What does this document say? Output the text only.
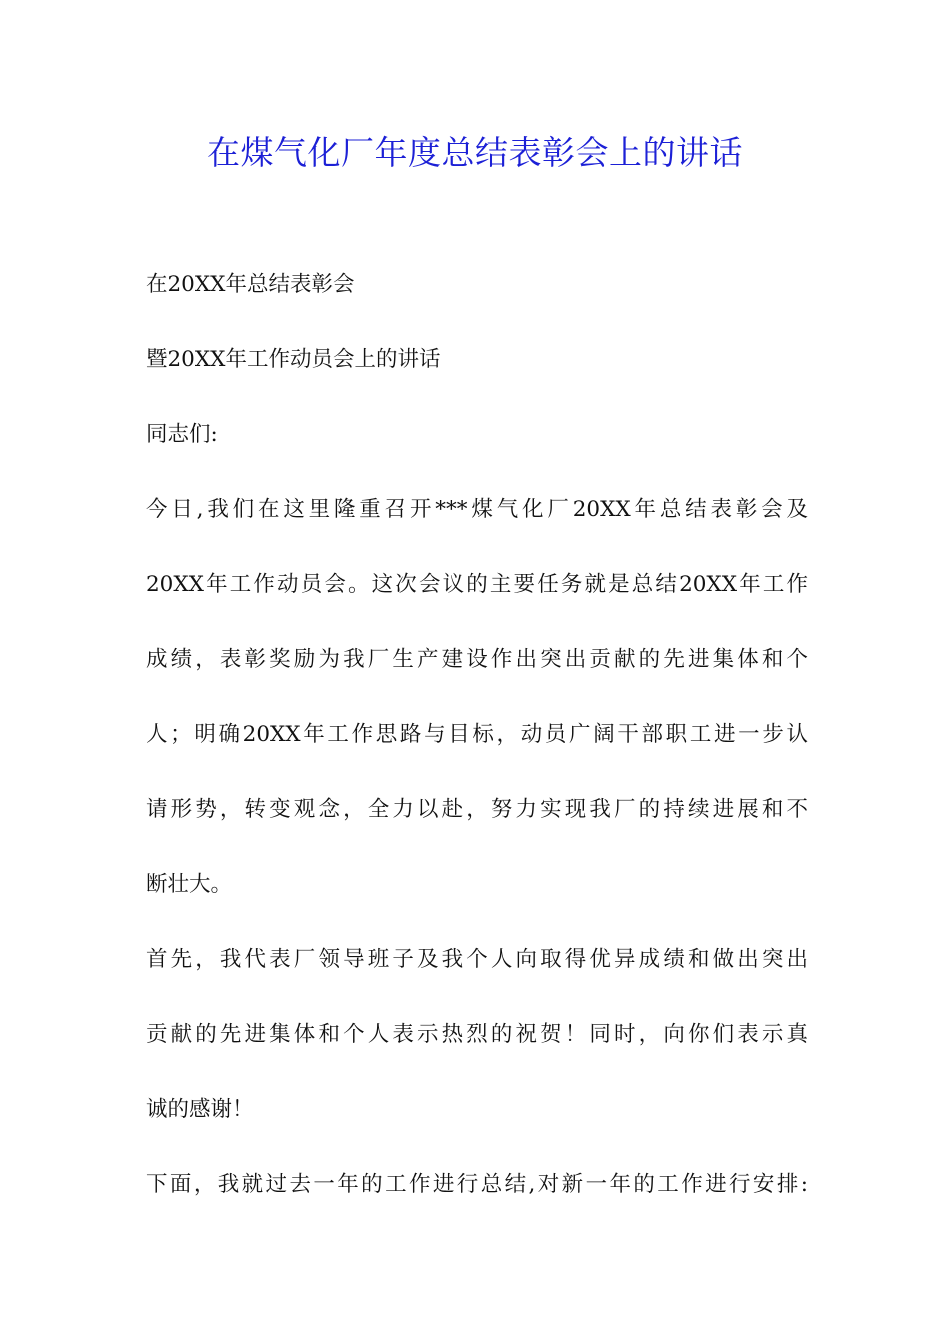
在煤气化厂年度总结表彰会上的讲话
在20XX年总结表彰会
暨20XX年工作动员会上的讲话
同志们:
今日,我们在这里隆重召开***煤气化厂20XX年总结表彰会及
20XX年工作动员会。这次会议的主要任务就是总结20XX年工作
成绩，表彰奖励为我厂生产建设作出突出贡献的先进集体和个
人；明确20XX年工作思路与目标，动员广阔干部职工进一步认
请形势，转变观念，全力以赴，努力实现我厂的持续进展和不
断壮大。
首先，我代表厂领导班子及我个人向取得优异成绩和做出突出
贡献的先进集体和个人表示热烈的祝贺！同时，向你们表示真
诚的感谢！
下面，我就过去一年的工作进行总结,对新一年的工作进行安排:
